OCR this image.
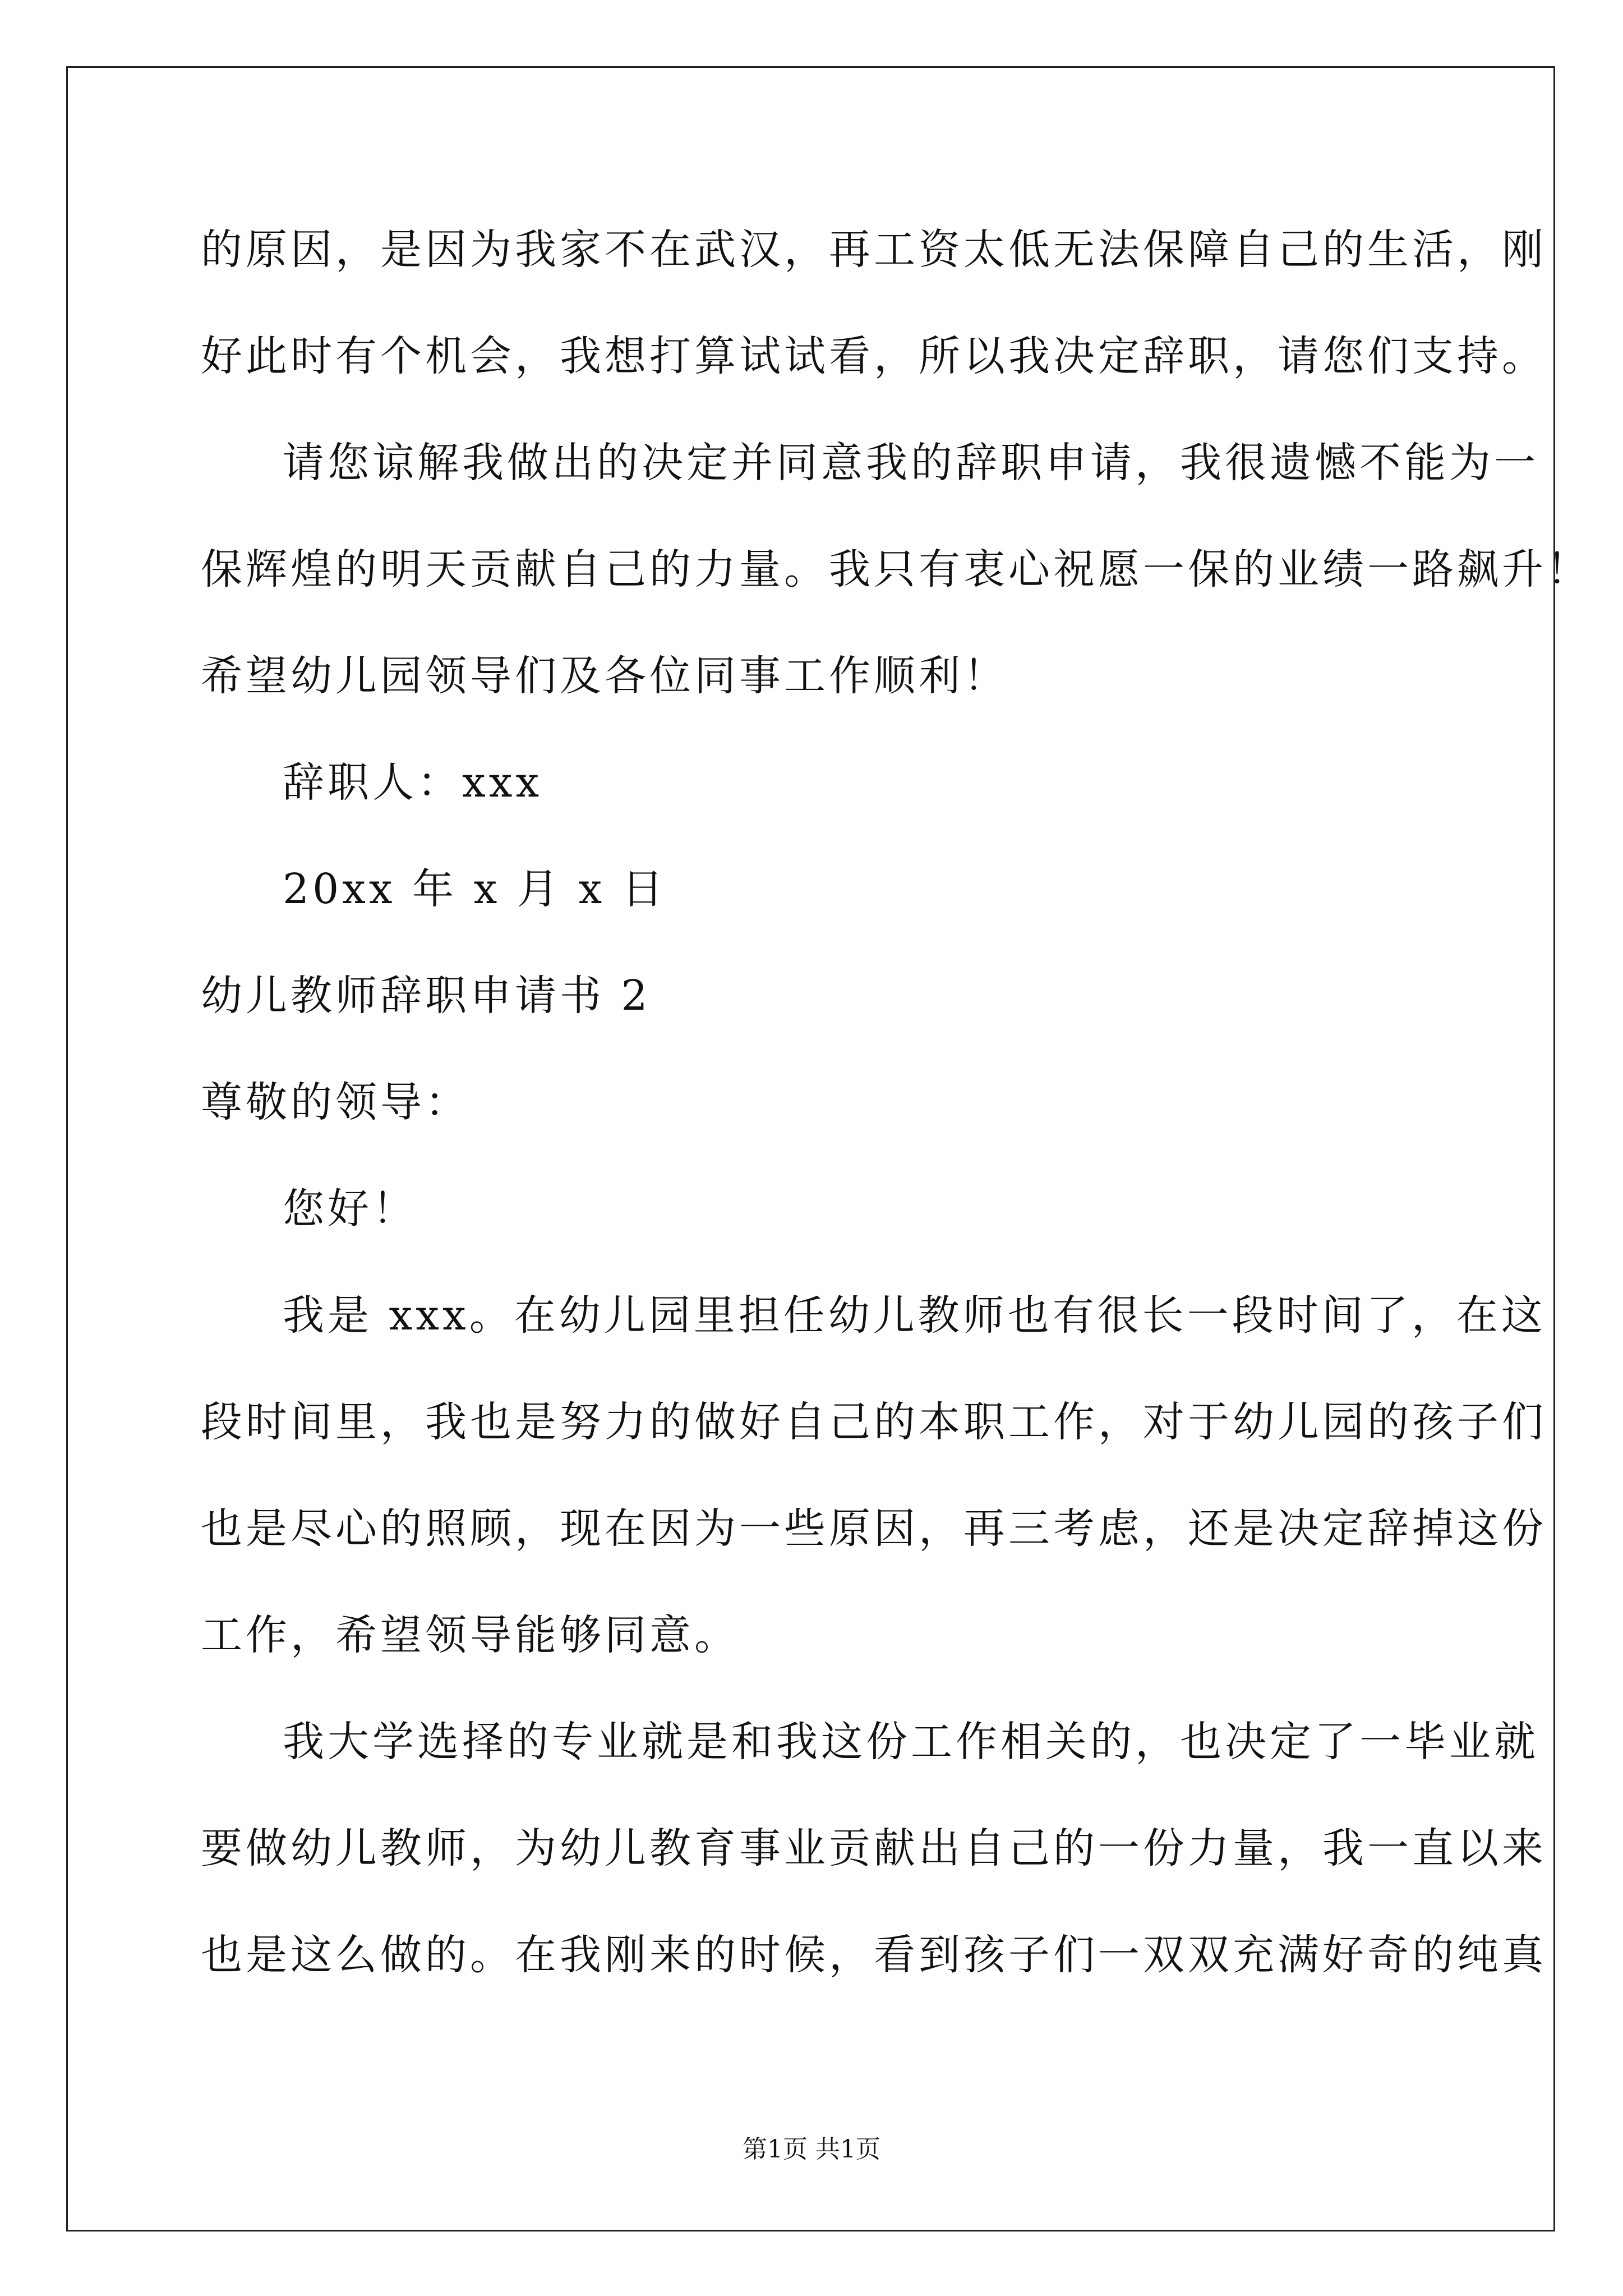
的原因，是因为我家不在武汉，再工资太低无法保障自己的生活，刚
好此时有个机会，我想打算试试看，所以我决定辞职，请您们支持。
请您谅解我做出的决定并同意我的辞职申请，我很遗憾不能为一
保辉煌的明天贡献自己的力量。我只有衷心祝愿一保的业绩一路飙升！
希望幼儿园领导们及各位同事工作顺利！
辞职人：xxx
20xx 年 x 月 x 日
幼儿教师辞职申请书 2
尊敬的领导：
您好！
我是 xxx。在幼儿园里担任幼儿教师也有很长一段时间了，在这
段时间里，我也是努力的做好自己的本职工作，对于幼儿园的孩子们
也是尽心的照顾，现在因为一些原因，再三考虑，还是决定辞掉这份
工作，希望领导能够同意。
我大学选择的专业就是和我这份工作相关的，也决定了一毕业就
要做幼儿教师，为幼儿教育事业贡献出自己的一份力量，我一直以来
也是这么做的。在我刚来的时候，看到孩子们一双双充满好奇的纯真
第1页 共1页
